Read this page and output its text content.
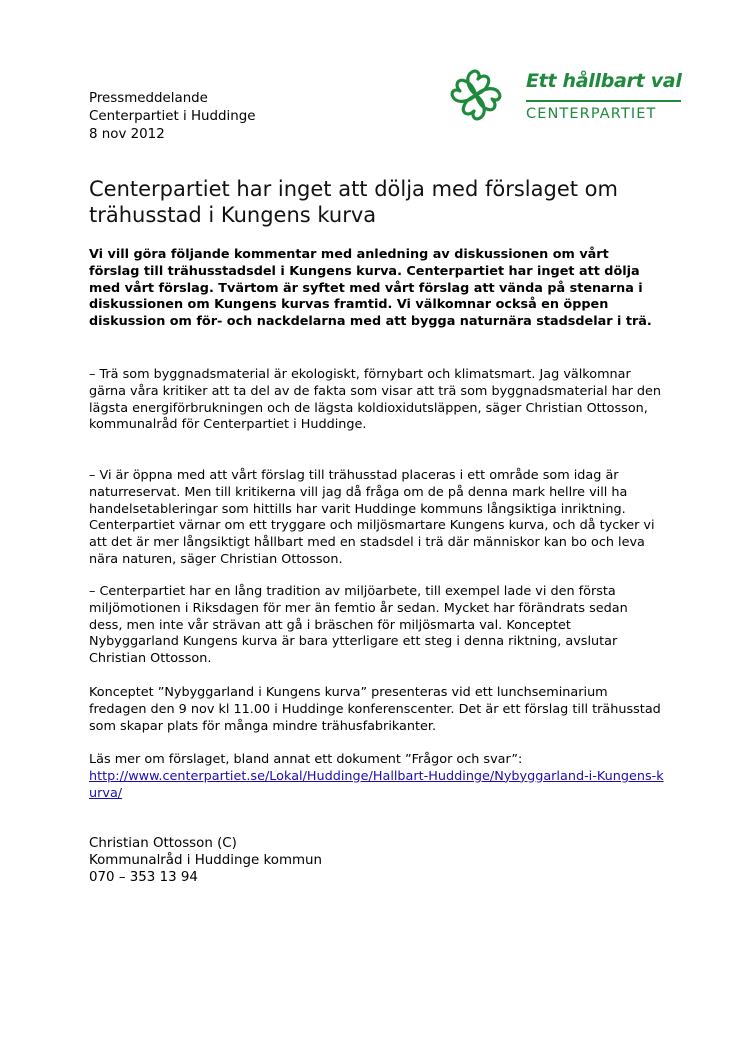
Pressmeddelande
Centerpartiet i Huddinge
8 nov 2012
Ett hållbart val
CENTERPARTIET
Centerpartiet har inget att dölja med förslaget om trähusstad i Kungens kurva
Vi vill göra följande kommentar med anledning av diskussionen om vårt förslag till trähusstadsdel i Kungens kurva. Centerpartiet har inget att dölja med vårt förslag. Tvärtom är syftet med vårt förslag att vända på stenarna i diskussionen om Kungens kurvas framtid. Vi välkomnar också en öppen diskussion om för- och nackdelarna med att bygga naturnära stadsdelar i trä.
– Trä som byggnadsmaterial är ekologiskt, förnybart och klimatsmart. Jag välkomnar gärna våra kritiker att ta del av de fakta som visar att trä som byggnadsmaterial har den lägsta energiförbrukningen och de lägsta koldioxidutsläppen, säger Christian Ottosson, kommunalråd för Centerpartiet i Huddinge.
– Vi är öppna med att vårt förslag till trähusstad placeras i ett område som idag är naturreservat. Men till kritikerna vill jag då fråga om de på denna mark hellre vill ha handelsetableringar som hittills har varit Huddinge kommuns långsiktiga inriktning. Centerpartiet värnar om ett tryggare och miljösmartare Kungens kurva, och då tycker vi att det är mer långsiktigt hållbart med en stadsdel i trä där människor kan bo och leva nära naturen, säger Christian Ottosson.
– Centerpartiet har en lång tradition av miljöarbete, till exempel lade vi den första miljömotionen i Riksdagen för mer än femtio år sedan. Mycket har förändrats sedan dess, men inte vår strävan att gå i bräschen för miljösmarta val. Konceptet Nybyggarland Kungens kurva är bara ytterligare ett steg i denna riktning, avslutar Christian Ottosson.
Konceptet ”Nybyggarland i Kungens kurva” presenteras vid ett lunchseminarium fredagen den 9 nov kl 11.00 i Huddinge konferenscenter. Det är ett förslag till trähusstad som skapar plats för många mindre trähusfabrikanter.
Läs mer om förslaget, bland annat ett dokument ”Frågor och svar”:
http://www.centerpartiet.se/Lokal/Huddinge/Hallbart-Huddinge/Nybyggarland-i-Kungens-kurva/
Christian Ottosson (C)
Kommunalråd i Huddinge kommun
070 – 353 13 94
